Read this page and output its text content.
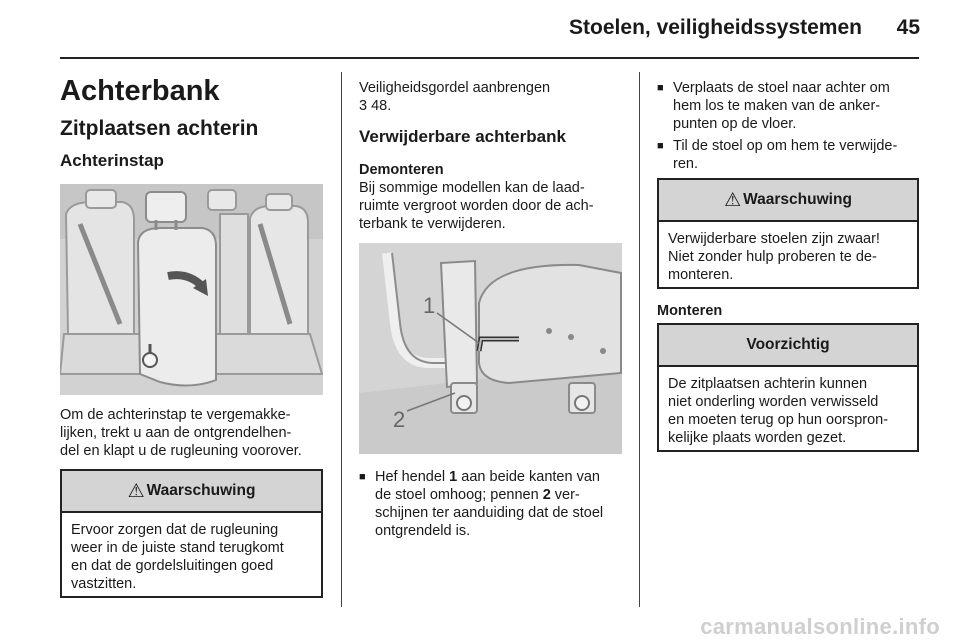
Stoelen, veiligheidssystemen 45
Achterbank
Zitplaatsen achterin
Achterinstap
Om de achterinstap te vergemakke-
lijken, trekt u aan de ontgrendelhen-
del en klapt u de rugleuning voorover.
⚠ Waarschuwing
Ervoor zorgen dat de rugleuning
weer in de juiste stand terugkomt
en dat de gordelsluitingen goed
vastzitten.
Veiligheidsgordel aanbrengen
3 48.
Verwijderbare achterbank
Demonteren
Bij sommige modellen kan de laad-
ruimte vergroot worden door de ach-
terbank te verwijderen.
1
2
■ Hef hendel 1 aan beide kanten van
de stoel omhoog; pennen 2 ver-
schijnen ter aanduiding dat de stoel
ontgrendeld is.
■ Verplaats de stoel naar achter om
hem los te maken van de anker-
punten op de vloer.
■ Til de stoel op om hem te verwijde-
ren.
⚠ Waarschuwing
Verwijderbare stoelen zijn zwaar!
Niet zonder hulp proberen te de-
monteren.
Monteren
Voorzichtig
De zitplaatsen achterin kunnen
niet onderling worden verwisseld
en moeten terug op hun oorspron-
kelijke plaats worden gezet.
carmanualsonline.info
